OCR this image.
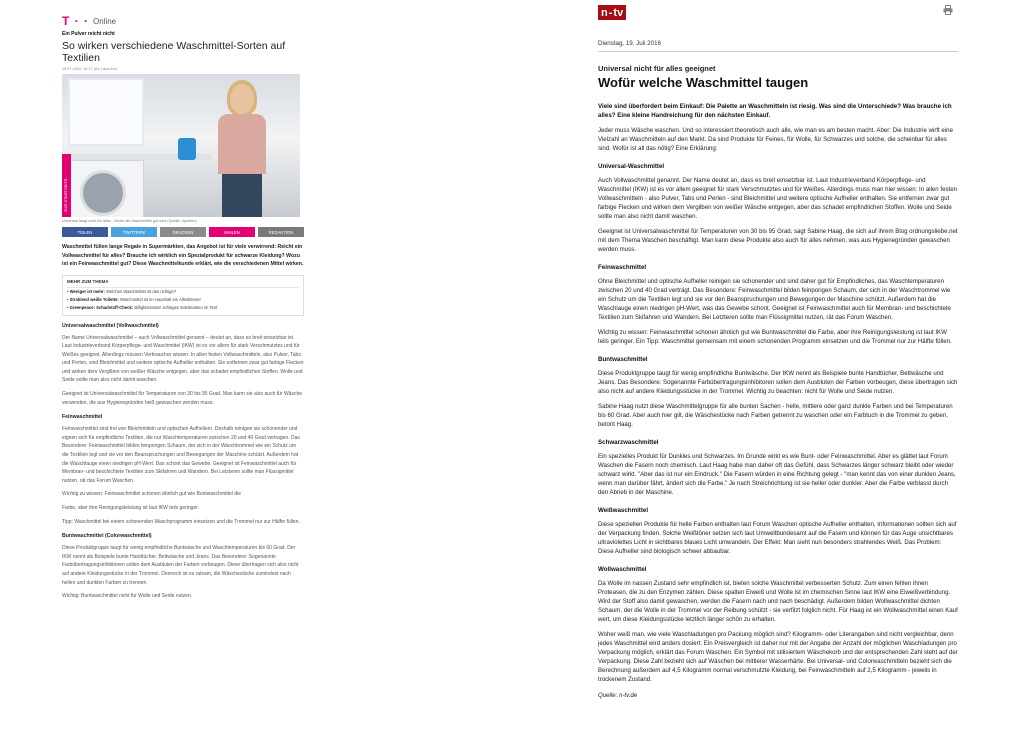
T · · Online
Ein Pulver reicht nicht
So wirken verschiedene Waschmittel-Sorten auf Textilien
18.07.2016, 16:17 Uhr | dpa-tmn
ZUR STARTSEITE
Universal taugt nicht für alles - Wofür die Waschmittel gut sind (Quelle: dpa/tmn)
TEILEN	TWITTERN	DRUCKEN	MAILEN	REDAKTION
Waschmittel füllen lange Regale in Supermärkten, das Angebot ist für viele verwirrend: Reicht ein Vollwaschmittel für alles? Brauche ich wirklich ein Spezialprodukt für schwarze Kleidung? Wozu ist ein Feinwaschmittel gut? Diese Waschmittelkunde erklärt, wie die verschiedenen Mittel wirken.
MEHR ZUM THEMA
• Weniger ist mehr: Welches Waschmittel ist das richtige?
• Strahlend weiße Toilette: Waschmittel ist im Haushalt ein Alleskönner
• Greenpeace: Schadstoff-Check: Billigklamotten schlagen Edelmarken im Test
Universalwaschmittel (Vollwaschmittel)
Der Name Universalwaschmittel – auch Vollwaschmittel genannt – deutet an, dass es breit einsetzbar ist. Laut Industrieverband Körperpflege- und Waschmittel (IKW) ist es vor allem für stark Verschmutztes und für Weißes geeignet. Allerdings müssen Verbraucher wissen: In allen festen Vollwaschmitteln, also Pulver, Tabs und Perlen, sind Bleichmittel und weitere optische Aufheller enthalten. Sie entfernen zwar gut farbige Flecken und wirken dem Vergilben von weißer Wäsche entgegen, aber das schadet empfindlichen Stoffen. Wolle und Seide sollte man also nicht damit waschen.
Geeignet ist Universalwaschmittel für Temperaturen von 30 bis 95 Grad. Man kann sie also auch für Wäsche verwenden, die aus Hygienegründen heiß gewaschen werden muss.
Feinwaschmittel
Feinwaschmittel sind frei von Bleichmitteln und optischen Aufhellern. Deshalb reinigen sie schonender und eignen sich für empfindliche Textilien, die nur Waschtemperaturen zwischen 20 und 40 Grad vertragen. Das Besondere: Feinwaschmittel bilden feinporigen Schaum, der sich in der Waschtrommel wie ein Schutz um die Textilien legt und sie vor den Beanspruchungen und Bewegungen der Maschine schützt. Außerdem hat die Waschlauge einen niedrigen pH-Wert. Das schont das Gewebe. Geeignet ist Feinwaschmittel auch für Membran- und beschichtete Textilien zum Skifahren und Wandern. Bei Letzteren sollte man Flüssigmittel nutzen, rät das Forum Waschen.
Wichtig zu wissen: Feinwaschmittel schonen ähnlich gut wie Buntwaschmittel die
Farbe, aber ihre Reinigungsleistung ist laut IKW teils geringer.
Tipp: Waschmittel bei einem schonenden Waschprogramm einsetzen und die Trommel nur zur Hälfte füllen.
Buntwaschmittel (Colorwaschmittel)
Diese Produktgruppe taugt für wenig empfindliche Buntwäsche und Waschtemperaturen bis 60 Grad. Der IKW nennt als Beispiele bunte Handtücher, Bettwäsche und Jeans. Das Besondere: Sogenannte Farbübertragungsinhibitoren sollen dem Ausbluten der Farben vorbeugen. Diese übertragen sich also nicht auf andere Kleidungsstücke in der Trommel. Dennoch ist es ratsam, die Wäschestücke zumindest nach hellen und dunklen Farben zu trennen.
Wichtig: Buntwaschmittel nicht für Wolle und Seide nutzen.
n - tv
Dienstag, 19. Juli 2016
Universal nicht für alles geeignet
Wofür welche Waschmittel taugen
Viele sind überfordert beim Einkauf: Die Palette an Waschmitteln ist riesig. Was sind die Unterschiede? Was brauche ich alles? Eine kleine Handreichung für den nächsten Einkauf.
Jeder muss Wäsche waschen. Und so interessiert theoretisch auch alle, wie man es am besten macht. Aber: Die Industrie wirft eine Vielzahl an Waschmitteln auf den Markt. Da sind Produkte für Feines, für Wolle, für Schwarzes und solche, die scheinbar für alles sind. Wofür ist all das nötig? Eine Erklärung:
Universal-Waschmittel
Auch Vollwaschmittel genannt. Der Name deutet an, dass es breit einsetzbar ist. Laut Industrieverband Körperpflege- und Waschmittel (IKW) ist es vor allem geeignet für stark Verschmutztes und für Weißes. Allerdings muss man hier wissen: In allen festen Vollwaschmitteln - also Pulver, Tabs und Perlen - sind Bleichmittel und weitere optische Aufheller enthalten. Sie entfernen zwar gut farbige Flecken und wirken dem Vergilben von weißer Wäsche entgegen, aber das schadet empfindlichen Stoffen. Wolle und Seide sollte man also nicht damit waschen.
Geeignet ist Universalwaschmittel für Temperaturen von 30 bis 95 Grad, sagt Sabine Haag, die sich auf ihrem Blog ordnungsliebe.net mit dem Thema Waschen beschäftigt. Man kann diese Produkte also auch für alles nehmen, was aus Hygienegründen gewaschen werden muss.
Feinwaschmittel
Ohne Bleichmittel und optische Aufheller reinigen sie schonender und sind daher gut für Empfindliches, das Waschtemperaturen zwischen 20 und 40 Grad verträgt. Das Besondere: Feinwaschmittel bilden feinporigen Schaum, der sich in der Waschtrommel wie ein Schutz um die Textilien legt und sie vor den Beanspruchungen und Bewegungen der Maschine schützt. Außerdem hat die Waschlauge einen niedrigen pH-Wert, was das Gewebe schont. Geeignet ist Feinwaschmittel auch für Membran- und beschichtete Textilien zum Skifahren und Wandern. Bei Letzteren sollte man Flüssigmittel nutzen, rät das Forum Waschen.
Wichtig zu wissen: Feinwaschmittel schonen ähnlich gut wie Buntwaschmittel die Farbe, aber ihre Reinigungsleistung ist laut IKW teils geringer. Ein Tipp: Waschmittel gemeinsam mit einem schonenden Programm einsetzen und die Trommel nur zur Hälfte füllen.
Buntwaschmittel
Diese Produktgruppe taugt für wenig empfindliche Buntwäsche. Der IKW nennt als Beispiele bunte Handtücher, Bettwäsche und Jeans. Das Besondere: Sogenannte Farbübertragungsinhibitoren sollen dem Ausbluten der Farben vorbeugen, diese übertragen sich also nicht auf andere Kleidungsstücke in der Trommel. Wichtig zu beachten: nicht für Wolle und Seide nutzen.
Sabine Haag nutzt diese Waschmittelgruppe für alle bunten Sachen - helle, mittlere oder ganz dunkle Farben und bei Temperaturen bis 60 Grad. Aber auch hier gilt, die Wäschestücke nach Farben getrennt zu waschen oder ein Farbtuch in die Trommel zu geben, betont Haag.
Schwarzwaschmittel
Ein spezielles Produkt für Dunkles und Schwarzes. Im Grunde wirkt es wie Bunt- oder Feinwaschmittel. Aber es glättet laut Forum Waschen die Fasern noch chemisch. Laut Haag habe man daher oft das Gefühl, dass Schwarzes länger schwarz bleibt oder wieder schwarz wirkt. "Aber das ist nur ein Eindruck." Die Fasern würden in eine Richtung gelegt - "man kennt das von einer dunklen Jeans, wenn man darüber fährt, ändert sich die Farbe." Je nach Streichrichtung ist sie heller oder dunkler. Aber die Farbe verblasst durch den Abrieb in der Maschine.
Weißwaschmittel
Diese speziellen Produkte für helle Farben enthalten laut Forum Waschen optische Aufheller enthalten, Informationen sollten sich auf der Verpackung finden. Solche Weißtöner setzen sich laut Umweltbundesamt auf die Fasern und können für das Auge unsichtbares ultraviolettes Licht in sichtbares blaues Licht umwandeln. Der Effekt: Man sieht nun besonders strahlendes Weiß. Das Problem: Diese Aufheller sind biologisch schwer abbaubar.
Wollwaschmittel
Da Wolle im nassen Zustand sehr empfindlich ist, bieten solche Waschmittel verbesserten Schutz. Zum einen fehlen ihnen Proteasen, die zu den Enzymen zählen. Diese spalten Eiweiß und Wolle ist im chemischen Sinne laut IKW eine Eiweißverbindung. Wird der Stoff also damit gewaschen, werden die Fasern nach und nach beschädigt. Außerdem bilden Wollwaschmittel dichten Schaum, der die Wolle in der Trommel vor der Reibung schützt - sie verfilzt folglich nicht. Für Haag ist ein Wollwaschmittel einen Kauf wert, um diese Kleidungsstücke letztlich länger schön zu erhalten.
Woher weiß man, wie viele Waschladungen pro Packung möglich sind? Kilogramm- oder Literangaben sind nicht vergleichbar, denn jedes Waschmittel wird anders dosiert. Ein Preisvergleich ist daher nur mit der Angabe der Anzahl der möglichen Waschladungen pro Verpackung möglich, erklärt das Forum Waschen. Ein Symbol mit stilisiertem Wäschekorb und der entsprechenden Zahl steht auf der Verpackung. Diese Zahl bezieht sich auf Wäschen bei mittlerer Wasserhärte. Bei Universal- und Colorwaschmitteln bezieht sich die Berechnung außerdem auf 4,5 Kilogramm normal verschmutzte Kleidung, bei Feinwaschmitteln auf 2,5 Kilogramm - jeweils in trockenem Zustand.
Quelle: n-tv.de
